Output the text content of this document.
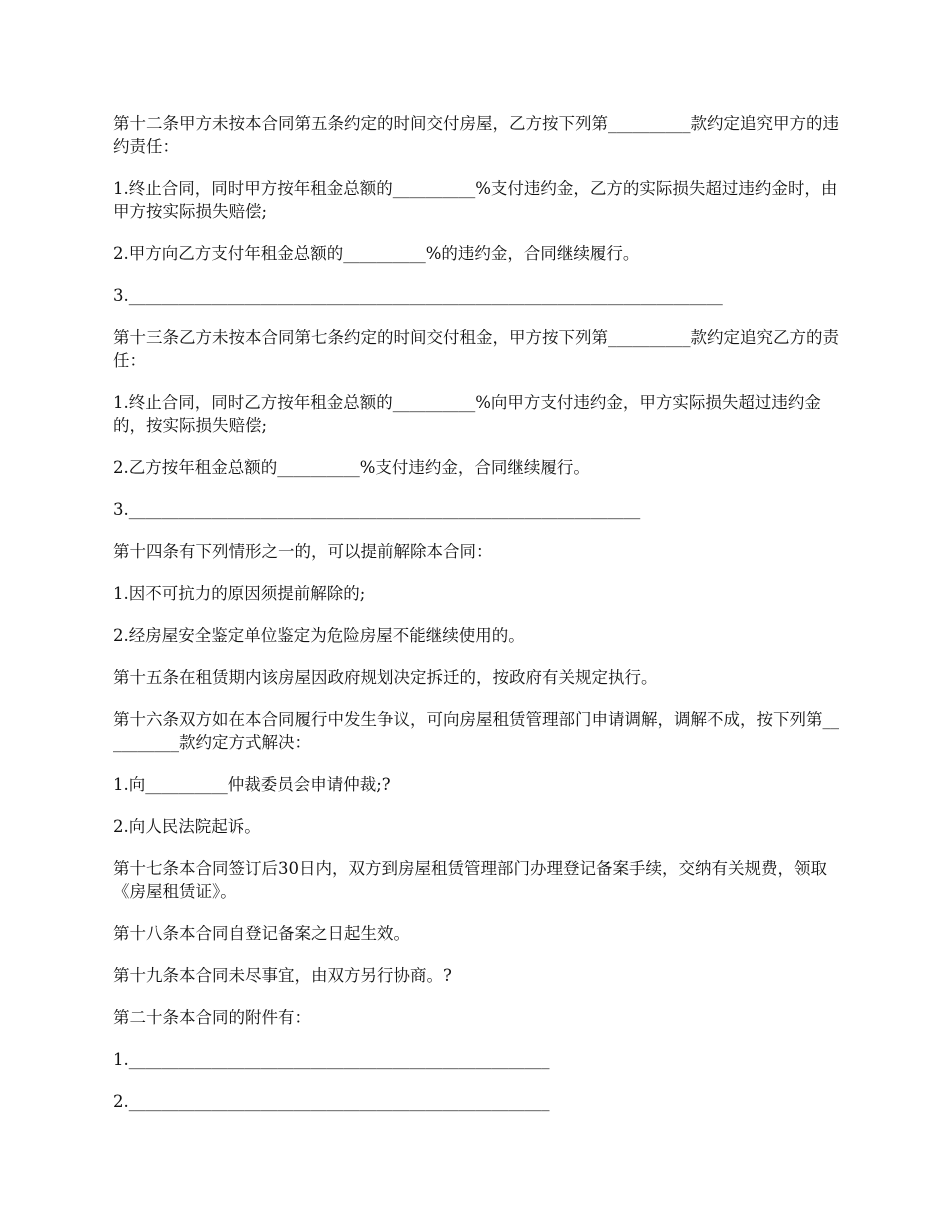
第十二条甲方未按本合同第五条约定的时间交付房屋，乙方按下列第__________款约定追究甲方的违约责任：

1.终止合同，同时甲方按年租金总额的__________%支付违约金，乙方的实际损失超过违约金时，由甲方按实际损失赔偿;

2.甲方向乙方支付年租金总额的__________%的违约金，合同继续履行。

3.________________________________________________________________________

第十三条乙方未按本合同第七条约定的时间交付租金，甲方按下列第__________款约定追究乙方的责任：

1.终止合同，同时乙方按年租金总额的__________%向甲方支付违约金，甲方实际损失超过违约金的，按实际损失赔偿;

2.乙方按年租金总额的__________%支付违约金，合同继续履行。

3.______________________________________________________________

第十四条有下列情形之一的，可以提前解除本合同：

1.因不可抗力的原因须提前解除的;

2.经房屋安全鉴定单位鉴定为危险房屋不能继续使用的。

第十五条在租赁期内该房屋因政府规划决定拆迁的，按政府有关规定执行。

第十六条双方如在本合同履行中发生争议，可向房屋租赁管理部门申请调解，调解不成，按下列第__________款约定方式解决：

1.向__________仲裁委员会申请仲裁;?

2.向人民法院起诉。

第十七条本合同签订后30日内，双方到房屋租赁管理部门办理登记备案手续，交纳有关规费，领取《房屋租赁证》。

第十八条本合同自登记备案之日起生效。

第十九条本合同未尽事宜，由双方另行协商。?

第二十条本合同的附件有：

1.___________________________________________________

2.___________________________________________________
